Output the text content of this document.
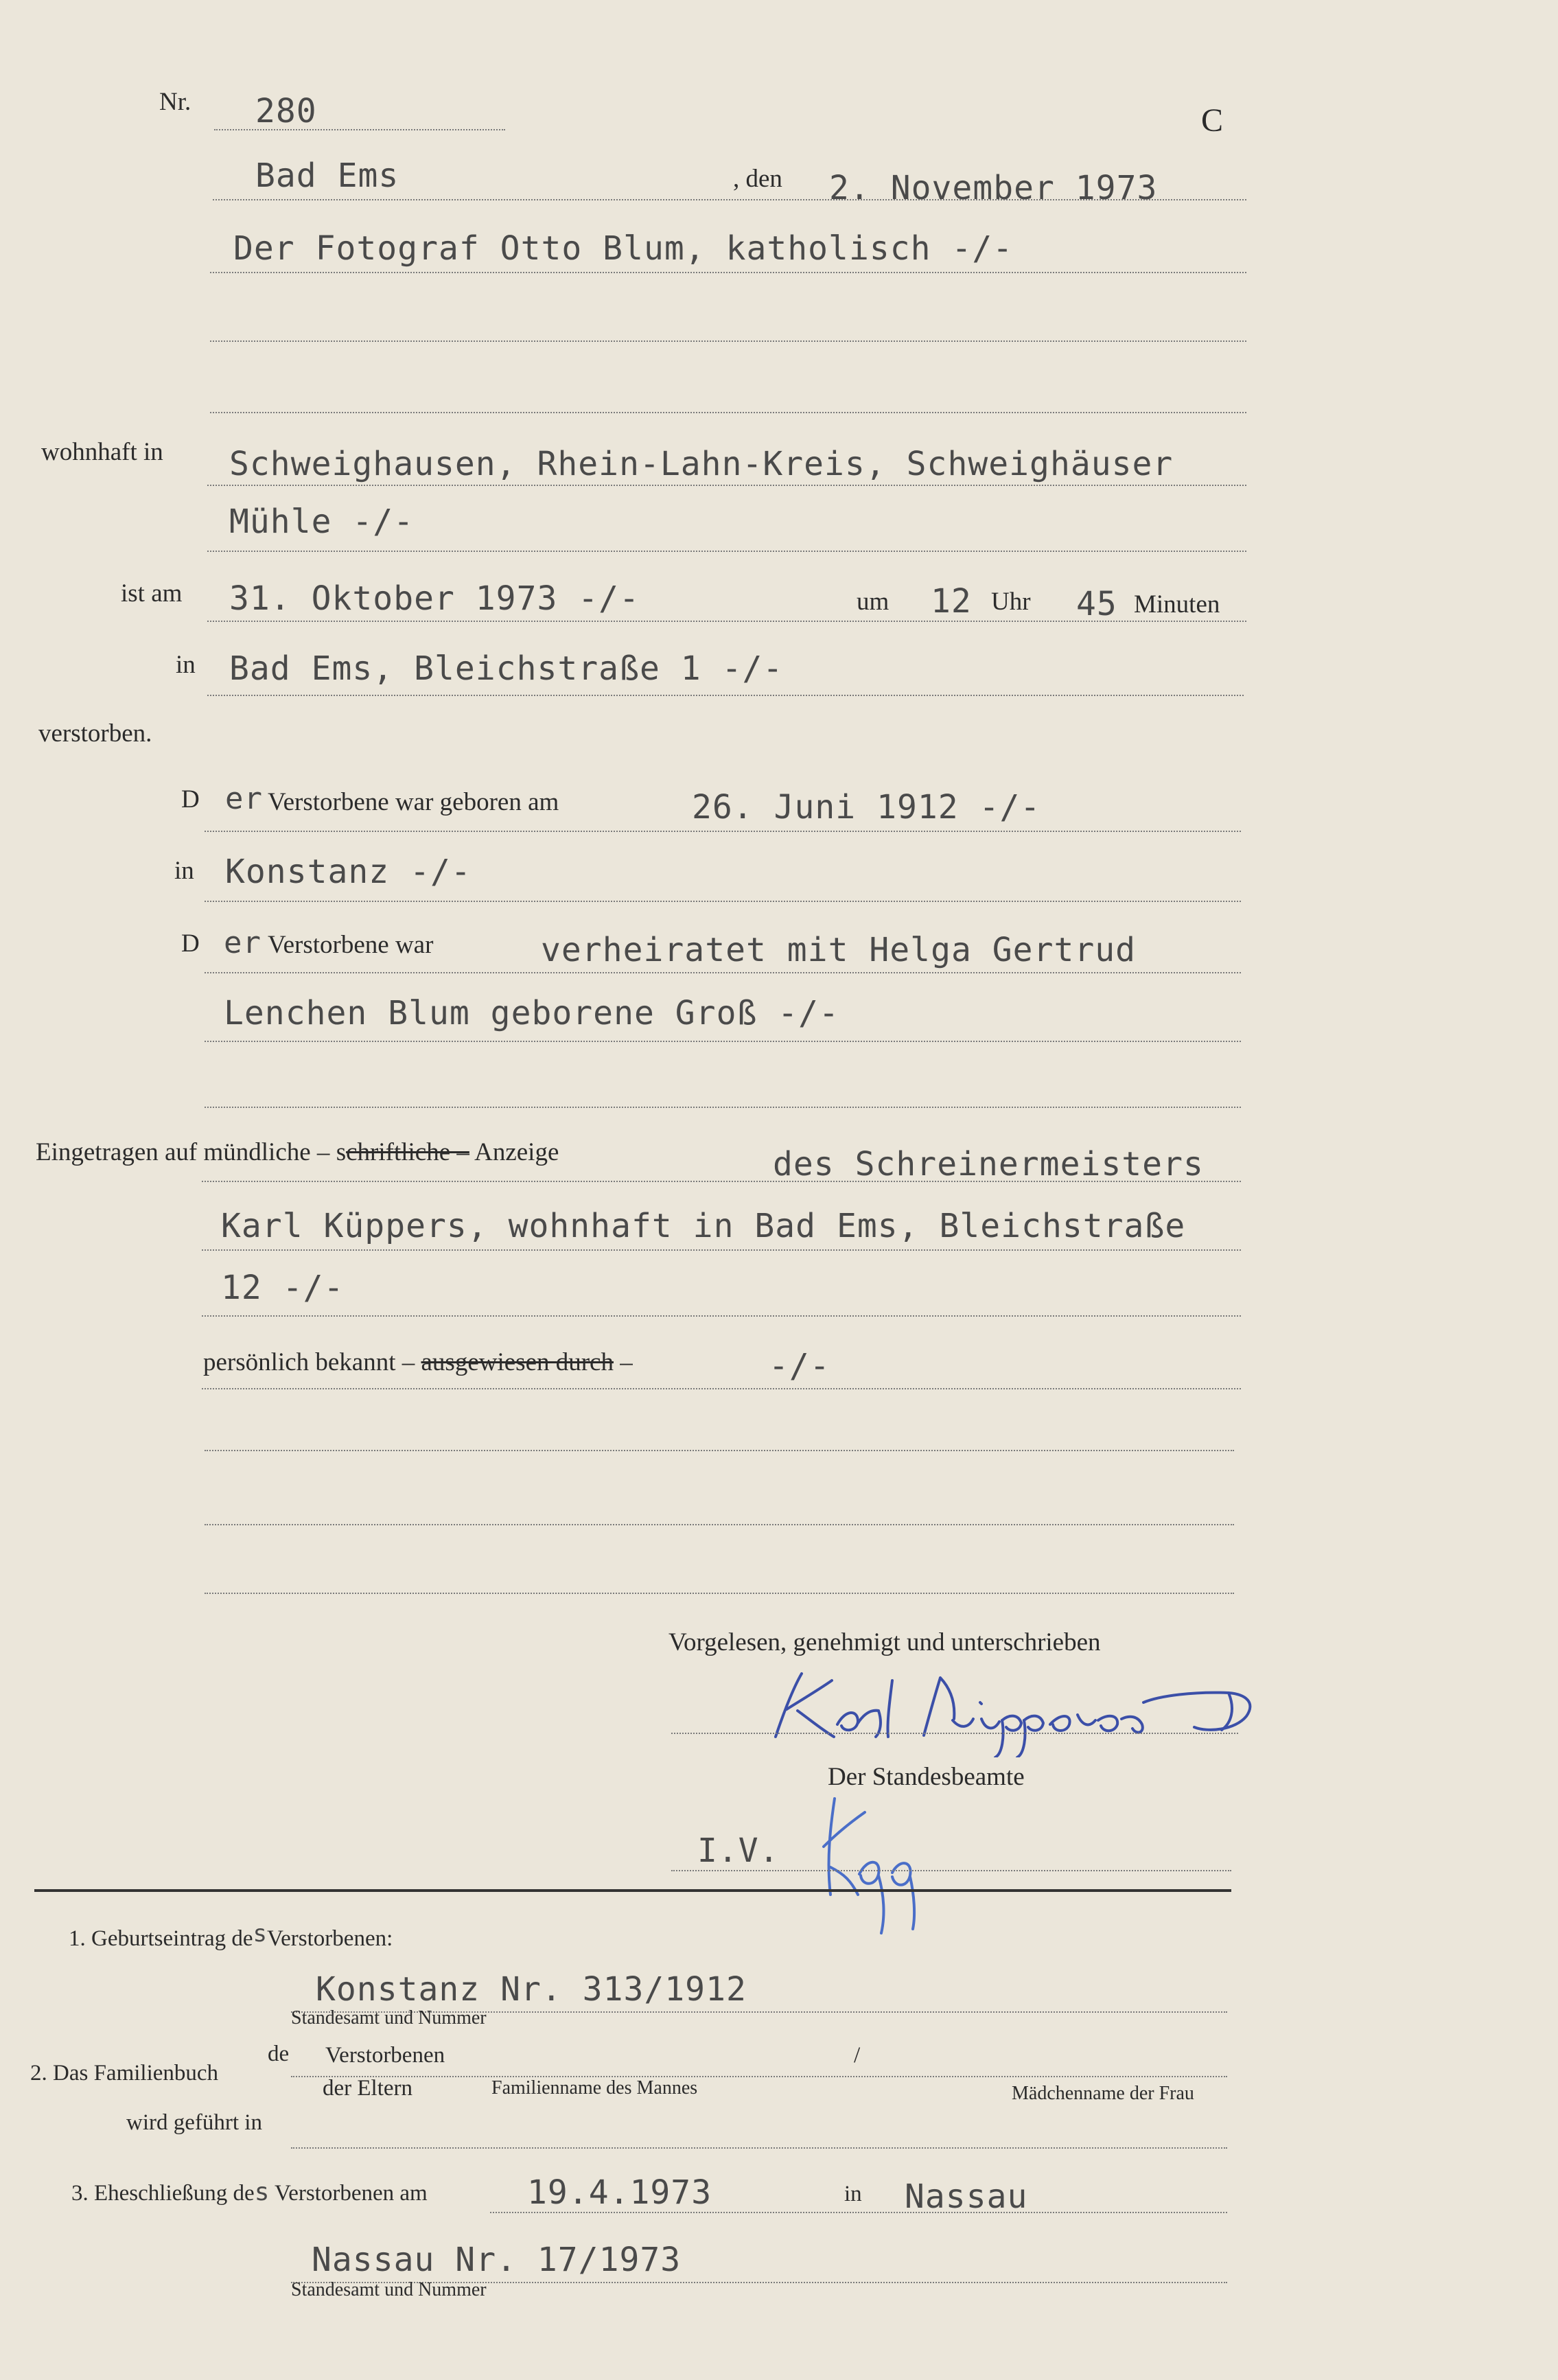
C
Nr. 280
Bad Ems	, den 2. November 1973
Der Fotograf Otto Blum, katholisch -/-
wohnhaft in Schweighausen, Rhein-Lahn-Kreis, Schweighäuser
Mühle -/-
ist am 31. Oktober 1973 -/-	um 12 Uhr 45 Minuten
in Bad Ems, Bleichstraße 1 -/-
verstorben.
D er Verstorbene war geboren am	26. Juni 1912 -/-
in Konstanz -/-
D er Verstorbene war	verheiratet mit Helga Gertrud
Lenchen Blum geborene Groß -/-
Eingetragen auf mündliche – schriftliche – Anzeige	des Schreinermeisters
Karl Küppers, wohnhaft in Bad Ems, Bleichstraße
12 -/-
persönlich bekannt – ausgewiesen durch –	-/-
Vorgelesen, genehmigt und unterschrieben
Der Standesbeamte
I.V.
1. Geburtseintrag desVerstorbenen:
Konstanz Nr. 313/1912
Standesamt und Nummer
de Verstorbenen	/
2. Das Familienbuch
der Eltern	Familienname des Mannes	Mädchenname der Frau
wird geführt in
3. Eheschließung des Verstorbenen am	19.4.1973	in Nassau
Nassau Nr. 17/1973
Standesamt und Nummer
